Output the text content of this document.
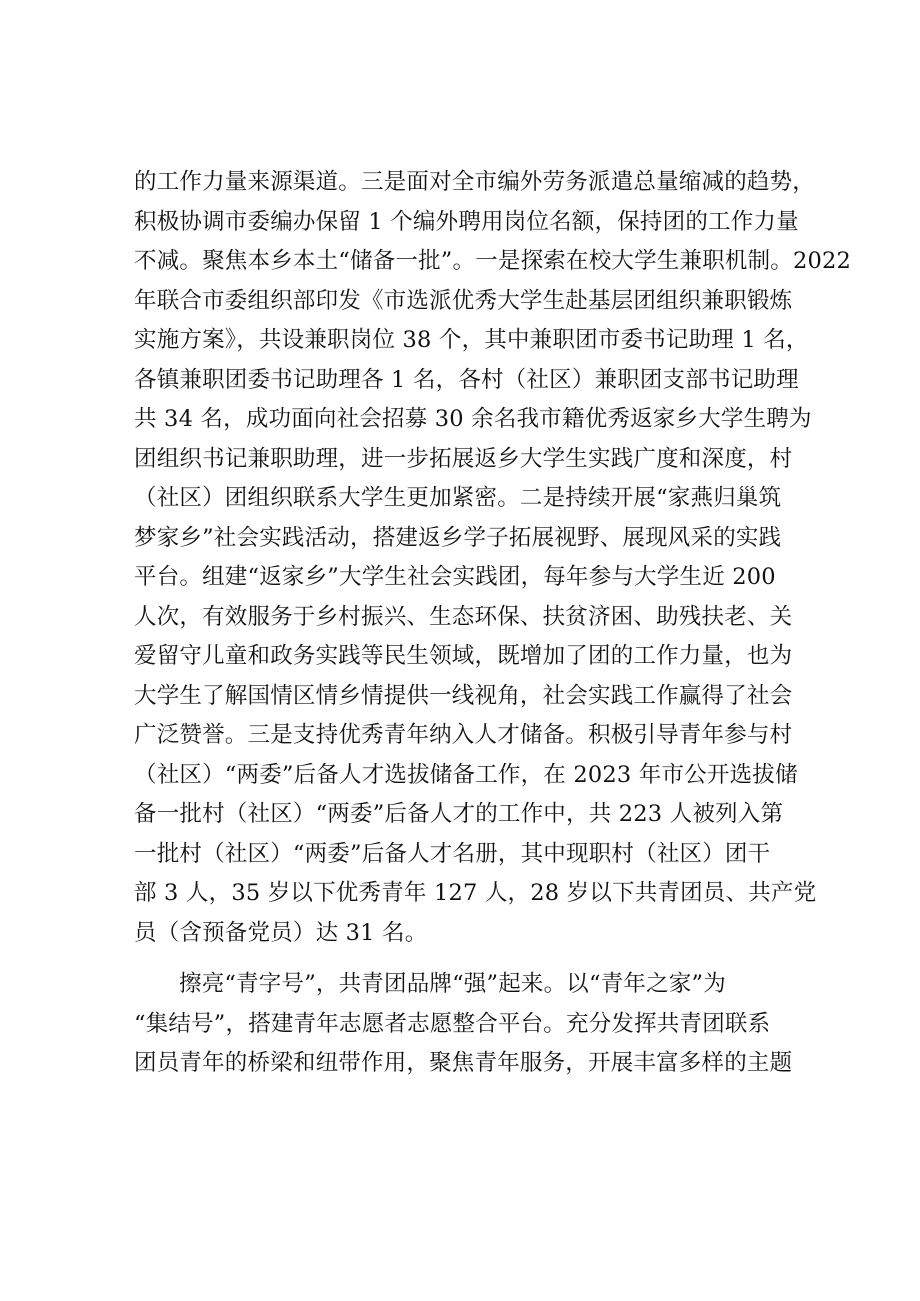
的工作力量来源渠道。三是面对全市编外劳务派遣总量缩减的趋势，
积极协调市委编办保留 1 个编外聘用岗位名额，保持团的工作力量
不减。聚焦本乡本土“储备一批”。一是探索在校大学生兼职机制。2022
年联合市委组织部印发《市选派优秀大学生赴基层团组织兼职锻炼
实施方案》，共设兼职岗位 38 个，其中兼职团市委书记助理 1 名，
各镇兼职团委书记助理各 1 名，各村（社区）兼职团支部书记助理
共 34 名，成功面向社会招募 30 余名我市籍优秀返家乡大学生聘为
团组织书记兼职助理，进一步拓展返乡大学生实践广度和深度，村
（社区）团组织联系大学生更加紧密。二是持续开展“家燕归巢筑
梦家乡”社会实践活动，搭建返乡学子拓展视野、展现风采的实践
平台。组建“返家乡”大学生社会实践团，每年参与大学生近 200
人次，有效服务于乡村振兴、生态环保、扶贫济困、助残扶老、关
爱留守儿童和政务实践等民生领域，既增加了团的工作力量，也为
大学生了解国情区情乡情提供一线视角，社会实践工作赢得了社会
广泛赞誉。三是支持优秀青年纳入人才储备。积极引导青年参与村
（社区）“两委”后备人才选拔储备工作，在 2023 年市公开选拔储
备一批村（社区）“两委”后备人才的工作中，共 223 人被列入第
一批村（社区）“两委”后备人才名册，其中现职村（社区）团干
部 3 人，35 岁以下优秀青年 127 人，28 岁以下共青团员、共产党
员（含预备党员）达 31 名。
擦亮“青字号”，共青团品牌“强”起来。以“青年之家”为
“集结号”，搭建青年志愿者志愿整合平台。充分发挥共青团联系
团员青年的桥梁和纽带作用，聚焦青年服务，开展丰富多样的主题
